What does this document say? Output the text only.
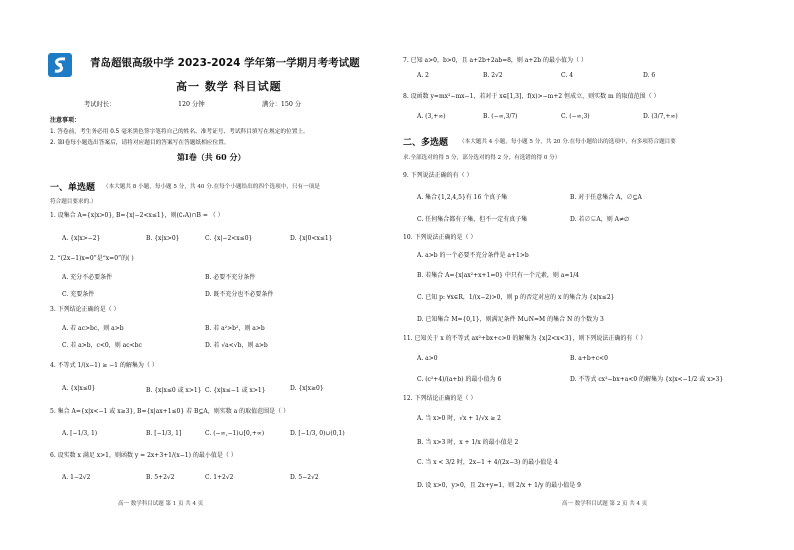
青岛超银高级中学 2023-2024 学年第一学期月考考试题
高一 数学 科目试题
考试时长：	120 分钟	满分：150 分
注意事项：
1. 答卷前，考生务必用 0.5 毫米黑色签字笔将自己的姓名、准考证号、考试科目填写在规定的位置上。
2. 第Ⅰ卷每小题选出答案后，请将对应题目的答案写在答题纸相应位置。
第Ⅰ卷（共 60 分）
一、单选题 （本大题共 8 小题，每小题 5 分，共 40 分.在每个小题给出的四个选项中，只有一项是
符合题目要求的.）
1. 设集合 A={x|x>0}, B={x|−2<x≤1}，则(∁ᵣA)∩B = （ ）
A. {x|x>−2}	B. {x|x>0}	C. {x|−2<x≤0}	D. {x|0<x≤1}
2. “(2x−1)x=0”是“x=0”的( )
A. 充分不必要条件	B. 必要不充分条件
C. 充要条件	D. 既不充分也不必要条件
3. 下列结论正确的是（ ）
A. 若 ac>bc，则 a>b	B. 若 a²>b²，则 a>b
C. 若 a>b，c<0，则 ac<bc	D. 若 √a<√b，则 a>b
4. 不等式 1/(x−1) ≥ −1 的解集为（ ）
A. {x|x≤0}	B. {x|x≤0 或 x>1} C. {x|x≤−1 或 x>1}	D. {x|x≥0}
5. 集合 A={x|x<−1 或 x≥3}, B={x|ax+1≤0} 若 B⊆A，则实数 a 的取值范围是（ ）
A. [−1/3, 1)	B. [−1/3, 1]	C. (−∞,−1)∪[0,+∞)	D. [−1/3, 0)∪(0,1)
6. 设实数 x 满足 x>1，则函数 y = 2x+3+1/(x−1) 的最小值是（ ）
A. 1−2√2	B. 5+2√2	C. 1+2√2	D. 5−2√2
高一 数学科目试题 第 1 页 共 4 页
7. 已知 a>0，b>0，且 a+2b+2ab=8，则 a+2b 的最小值为（ ）
A. 2	B. 2√2	C. 4	D. 6
8. 设函数 y=mx²−mx−1，若对于 x∈[1,3]，f(x)>−m+2 恒成立，则实数 m 的取值范围（ ）
A. (3,+∞)	B. (−∞,3/7)	C. (−∞,3)	D. (3/7,+∞)
二、多选题 （本大题共 4 小题，每小题 5 分，共 20 分.在每小题给出的选项中，有多项符合题目要
求.全部选对的得 5 分，部分选对的得 2 分，有选错的得 0 分）
9. 下列说法正确的有（ ）
A. 集合{1,2,4,5}有 16 个真子集	B. 对于任意集合 A，∅⊆A
C. 任何集合都有子集，但不一定有真子集	D. 若∅⊊A，则 A≠∅
10. 下列说法正确的是（ ）
A. a>b 的一个必要不充分条件是 a+1>b
B. 若集合 A={x|ax²+x+1=0} 中只有一个元素，则 a=1/4
C. 已知 p: ∀x∈R，1/(x−2)>0，则 p 的否定对应的 x 的集合为 {x|x≤2}
D. 已知集合 M={0,1}，则满足条件 M∪N=M 的集合 N 的个数为 3
11. 已知关于 x 的不等式 ax²+bx+c>0 的解集为 {x|2<x<3}，则下列说法正确的有（ ）
A. a>0	B. a+b+c<0
C. (c²+4)/(a+b) 的最小值为 6	D. 不等式 cx²−bx+a<0 的解集为 {x|x<−1/2 或 x>3}
12. 下列结论正确的是（ ）
A. 当 x>0 时，√x + 1/√x ≥ 2
B. 当 x>3 时，x + 1/x 的最小值是 2
C. 当 x < 3/2 时，2x−1 + 4/(2x−3) 的最小值是 4
D. 设 x>0，y>0，且 2x+y=1，则 2/x + 1/y 的最小值是 9
高一 数学科目试题 第 2 页 共 4 页
